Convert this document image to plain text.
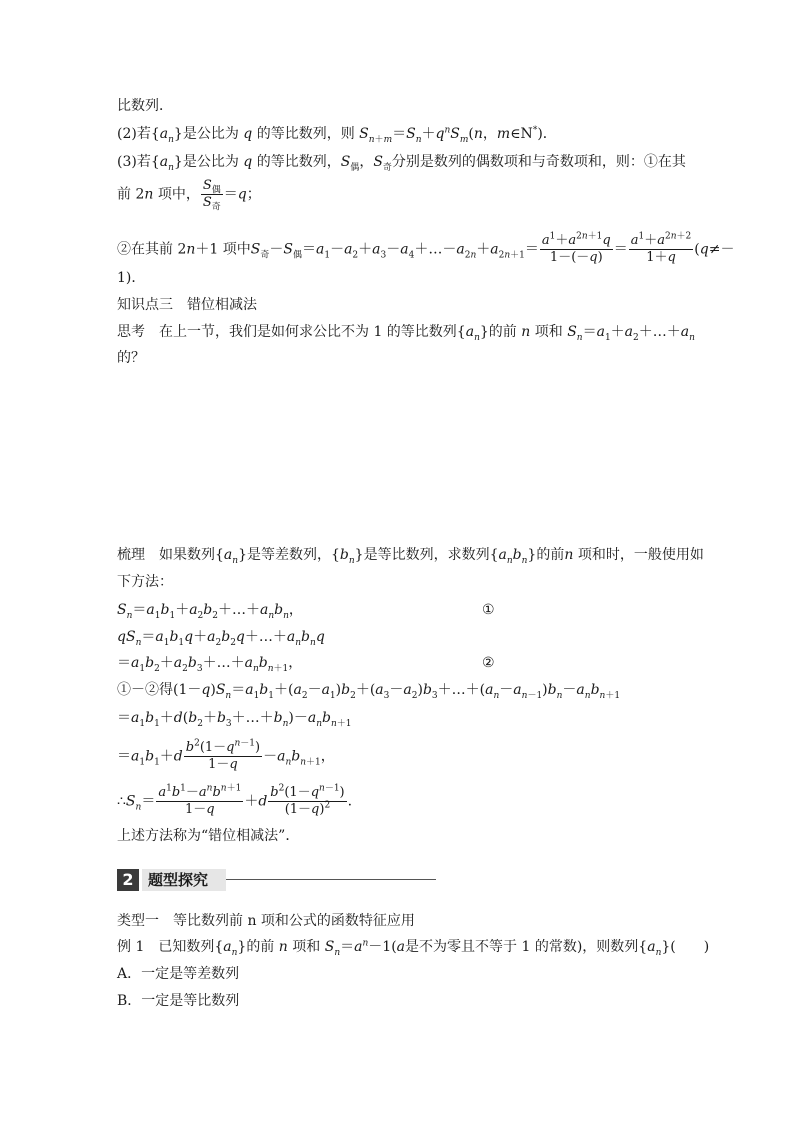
比数列．
(2)若$\{a_n\}$是公比为 q 的等比数列，则 $S_{n+m}=S_n+q^nS_m(n$，m∈N*)．
(3)若$\{a_n\}$是公比为 q 的等比数列，$S_偶$，$S_奇$分别是数列的偶数项和与奇数项和，则：①在其
前 2n 项中， $\frac{S_偶}{S_奇} =q$；
②在其前 2n＋1 项中$S_奇-S_偶=a_1-a_2+a_3-a_4+\dots-a_{2n}+a_{2n+1}= \frac{a^1+a^{2n+1}q}{1-(-q)} = \frac{a^1+a^{2n+2}}{1+q} (q\ne-$
1)．
知识点三　错位相减法
思考　在上一节，我们是如何求公比不为 1 的等比数列$\{a_n\}$的前 n 项和 $S_n=a_1+a_2+\dots+a_n$
的？
梳理　如果数列$\{a_n\}$是等差数列，$\{b_n\}$是等比数列，求数列$\{a_nb_n\}$的前n 项和时，一般使用如
下方法：
$S_n=a_1b_1+a_2b_2+\dots+a_nb_n$，	①
$qS_n=a_1b_1q+a_2b_2q+\dots+a_nb_nq$
$=a_1b_2+a_2b_3+\dots+a_nb_{n+1}$，	②
①－②得$(1-q)S_n=a_1b_1+(a_2-a_1)b_2+(a_3-a_2)b_3+\dots+(a_n-a_{n-1})b_n-a_nb_{n+1}$
$=a_1b_1+d(b_2+b_3+\dots+b_n)-a_nb_{n+1}$
$=a_1b_1+d \frac{b^2(1-q^{n-1})}{1-q} -a_nb_{n+1}$，
$\therefore S_n= \frac{a^1b^1-a^nb^{n+1}}{1-q} +d \frac{b^2(1-q^{n-1})}{(1-q)^2}$ .
上述方法称为“错位相减法”．
2 题型探究
类型一　等比数列前 n 项和公式的函数特征应用
例 1　已知数列$\{a_n\}$的前 n 项和 $S_n=a^n-1(a$是不为零且不等于 1 的常数)，则数列$\{a_n\}$(　　)
A．一定是等差数列
B．一定是等比数列
